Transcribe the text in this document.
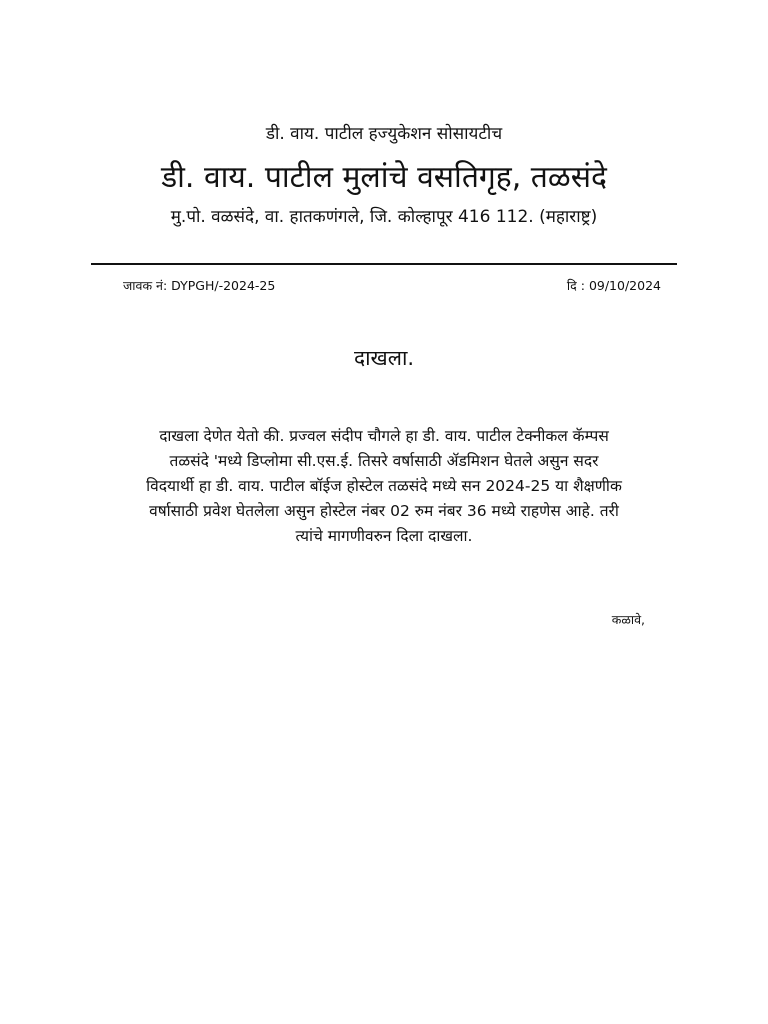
डी. वाय. पाटील हज्युकेशन सोसायटीच
डी. वाय. पाटील मुलांचे वसतिगृह, तळसंदे
मु.पो. वळसंदे, वा. हातकणंगले, जि. कोल्हापूर 416 112. (महाराष्ट्र)
जावक नं: DYPGH/-2024-25	दि : 09/10/2024
दाखला.
दाखला देणेत येतो की. प्रज्वल संदीप चौगले हा डी. वाय. पाटील टेक्नीकल कॅम्पस
तळसंदे 'मध्ये डिप्लोमा सी.एस.ई. तिसरे वर्षासाठी ॲडमिशन घेतले असुन सदर
विदयार्थी हा डी. वाय. पाटील बॉईज होस्टेल तळसंदे मध्ये सन 2024-25 या शैक्षणीक
वर्षासाठी प्रवेश घेतलेला असुन होस्टेल नंबर 02 रुम नंबर 36 मध्ये राहणेस आहे. तरी
त्यांचे मागणीवरुन दिला दाखला.
कळावे,
